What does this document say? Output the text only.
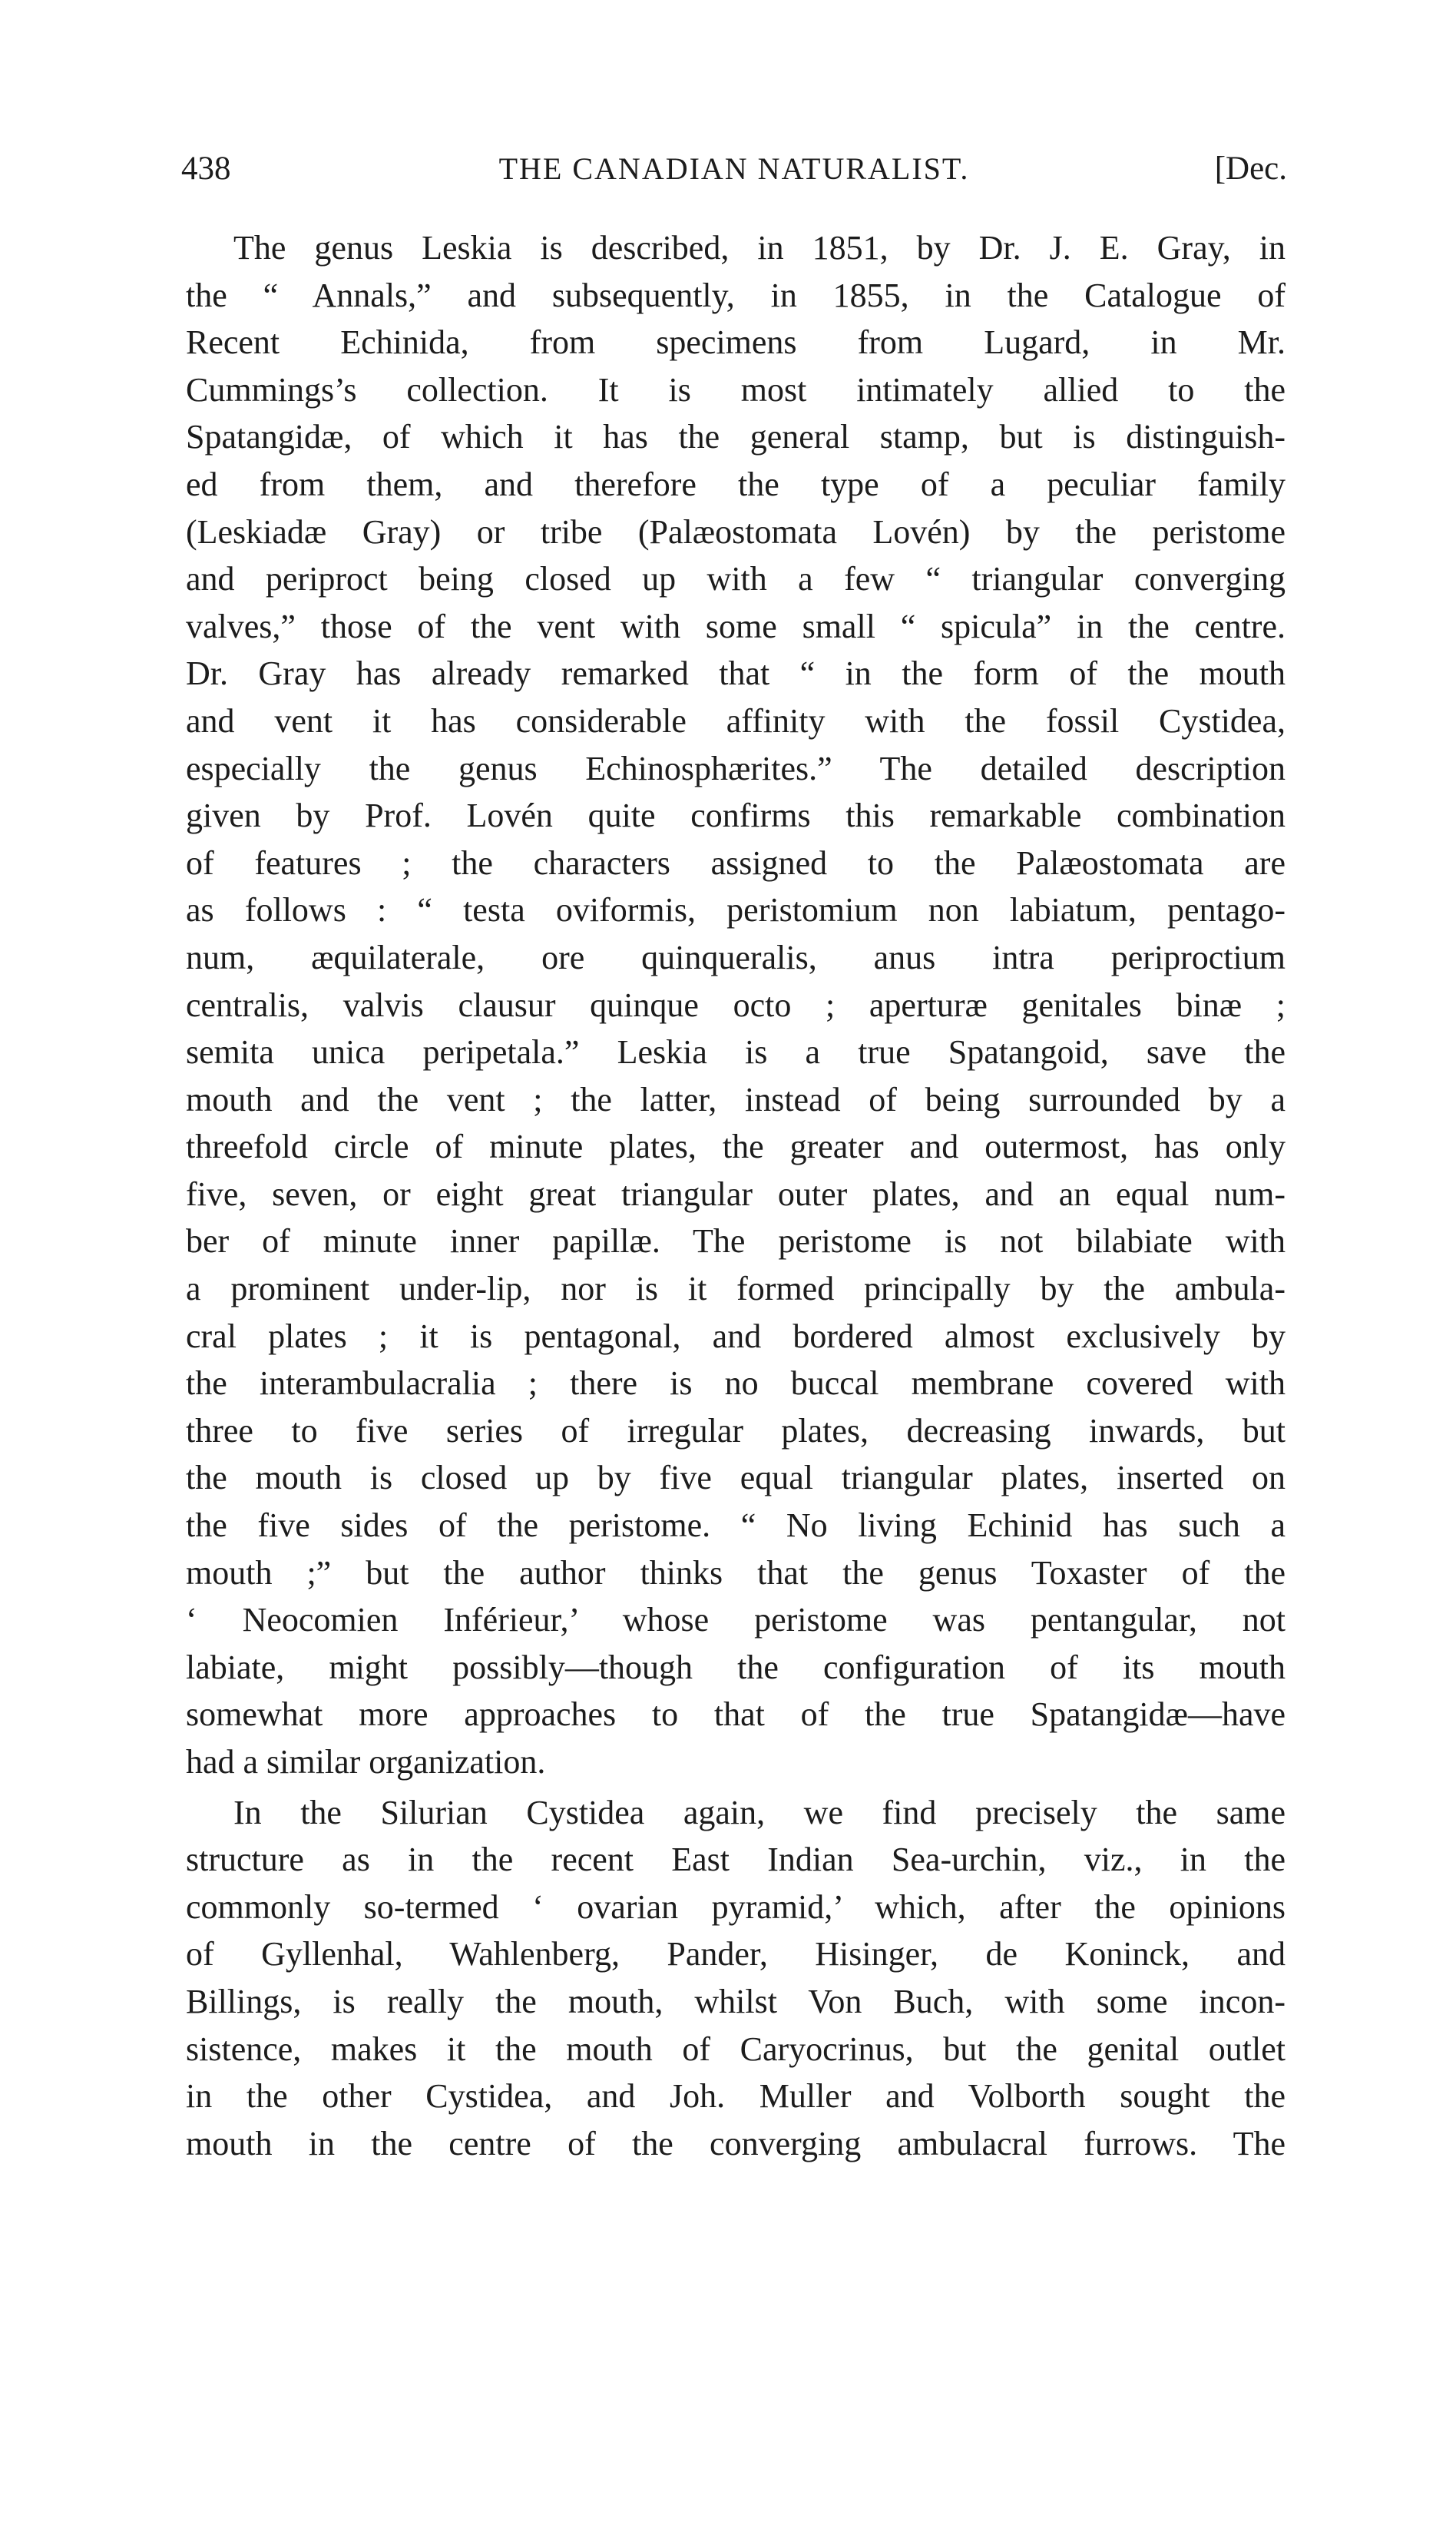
438	THE CANADIAN NATURALIST.	[Dec.

The genus Leskia is described, in 1851, by Dr. J. E. Gray, in

the “ Annals,” and subsequently, in 1855, in the Catalogue of

Recent Echinida, from specimens from Lugard, in Mr.

Cummings’s collection. It is most intimately allied to the

Spatangidæ, of which it has the general stamp, but is distinguish-

ed from them, and therefore the type of a peculiar family

(Leskiadæ Gray) or tribe (Palæostomata Lovén) by the peristome

and periproct being closed up with a few “ triangular converging

valves,” those of the vent with some small “ spicula” in the centre.

Dr. Gray has already remarked that “ in the form of the mouth

and vent it has considerable affinity with the fossil Cystidea,

especially the genus Echinosphærites.” The detailed description

given by Prof. Lovén quite confirms this remarkable combination

of features ; the characters assigned to the Palæostomata are

as follows : “ testa oviformis, peristomium non labiatum, pentago-

num, æquilaterale, ore quinqueralis, anus intra periproctium

centralis, valvis clausur quinque octo ; aperturæ genitales binæ ;

semita unica peripetala.” Leskia is a true Spatangoid, save the

mouth and the vent ; the latter, instead of being surrounded by a

threefold circle of minute plates, the greater and outermost, has only

five, seven, or eight great triangular outer plates, and an equal num-

ber of minute inner papillæ. The peristome is not bilabiate with

a prominent under-lip, nor is it formed principally by the ambula-

cral plates ; it is pentagonal, and bordered almost exclusively by

the interambulacralia ; there is no buccal membrane covered with

three to five series of irregular plates, decreasing inwards, but

the mouth is closed up by five equal triangular plates, inserted on

the five sides of the peristome. “ No living Echinid has such a

mouth ;” but the author thinks that the genus Toxaster of the

‘ Neocomien Inférieur,’ whose peristome was pentangular, not

labiate, might possibly—though the configuration of its mouth

somewhat more approaches to that of the true Spatangidæ—have

had a similar organization.

In the Silurian Cystidea again, we find precisely the same

structure as in the recent East Indian Sea-urchin, viz., in the

commonly so-termed ‘ ovarian pyramid,’ which, after the opinions

of Gyllenhal, Wahlenberg, Pander, Hisinger, de Koninck, and

Billings, is really the mouth, whilst Von Buch, with some incon-

sistence, makes it the mouth of Caryocrinus, but the genital outlet

in the other Cystidea, and Joh. Muller and Volborth sought the

mouth in the centre of the converging ambulacral furrows. The
